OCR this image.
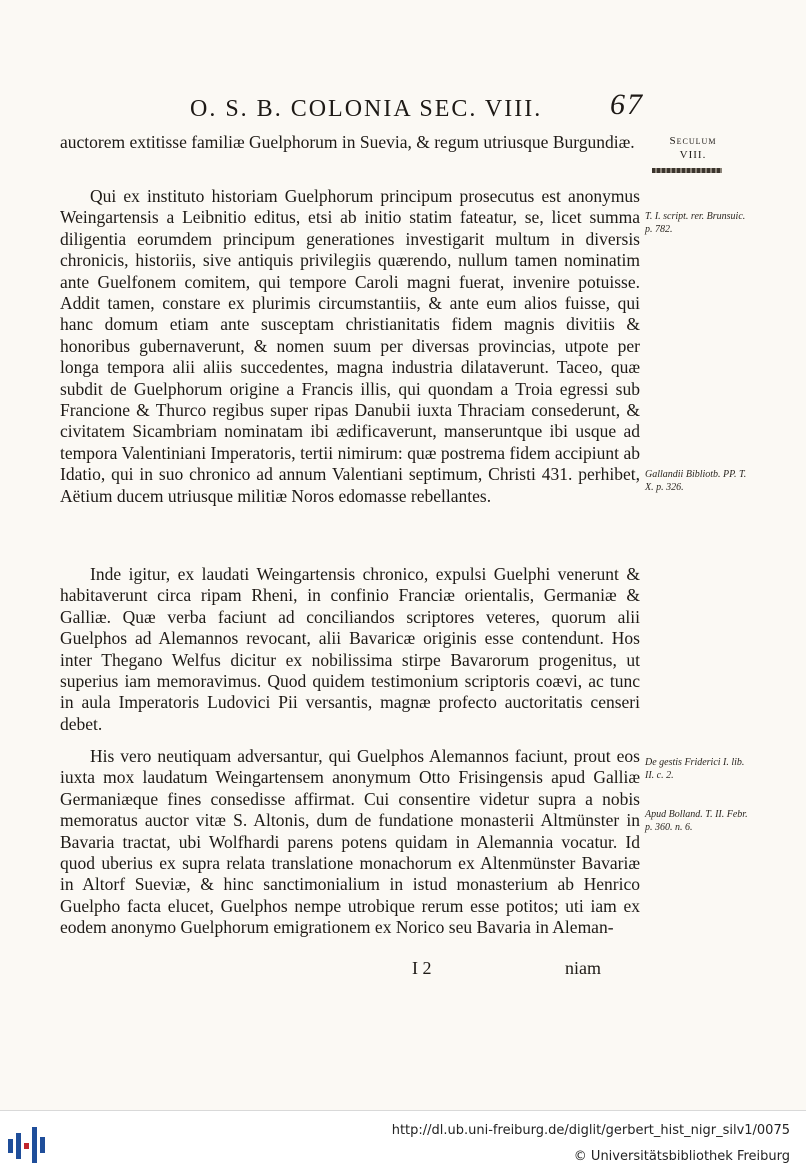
O. S. B. COLONIA SEC. VIII. 67
Seculum
VIII.

auctorem extitisse familiæ Guelphorum in Suevia, & regum utriusque Burgundiæ.

Qui ex instituto historiam Guelphorum principum prosecutus est anonymus Weingartensis a Leibnitio editus, etsi ab initio statim fateatur, se, licet summa diligentia eorumdem principum generationes investigarit multum in diversis chronicis, historiis, sive antiquis privilegiis quærendo, nullum tamen nominatim ante Guelfonem comitem, qui tempore Caroli magni fuerat, invenire potuisse. Addit tamen, constare ex plurimis circumstantiis, & ante eum alios fuisse, qui hanc domum etiam ante susceptam christianitatis fidem magnis divitiis & honoribus gubernaverunt, & nomen suum per diversas provincias, utpote per longa tempora alii aliis succedentes, magna industria dilataverunt. Taceo, quæ subdit de Guelphorum origine a Francis illis, qui quondam a Troia egressi sub Francione & Thurco regibus super ripas Danubii iuxta Thraciam consederunt, & civitatem Sicambriam nominatam ibi ædificaverunt, manseruntque ibi usque ad tempora Valentiniani Imperatoris, tertii nimirum: quæ postrema fidem accipiunt ab Idatio, qui in suo chronico ad annum Valentiani septimum, Christi 431. perhibet, Aëtium ducem utriusque militiæ Noros edomasse rebellantes.

Inde igitur, ex laudati Weingartensis chronico, expulsi Guelphi venerunt & habitaverunt circa ripam Rheni, in confinio Franciæ orientalis, Germaniæ & Galliæ. Quæ verba faciunt ad conciliandos scriptores veteres, quorum alii Guelphos ad Alemannos revocant, alii Bavaricæ originis esse contendunt. Hos inter Thegano Welfus dicitur ex nobilissima stirpe Bavarorum progenitus, ut superius iam memoravimus. Quod quidem testimonium scriptoris coævi, ac tunc in aula Imperatoris Ludovici Pii versantis, magnæ profecto auctoritatis censeri debet.

His vero neutiquam adversantur, qui Guelphos Alemannos faciunt, prout eos iuxta mox laudatum Weingartensem anonymum Otto Frisingensis apud Galliæ Germaniæque fines consedisse affirmat. Cui consentire videtur supra a nobis memoratus auctor vitæ S. Altonis, dum de fundatione monasterii Altmünster in Bavaria tractat, ubi Wolfhardi parens potens quidam in Alemannia vocatur. Id quod uberius ex supra relata translatione monachorum ex Altenmünster Bavariæ in Altorf Sueviæ, & hinc sanctimonialium in istud monasterium ab Henrico Guelpho facta elucet, Guelphos nempe utrobique rerum esse potitos; uti iam ex eodem anonymo Guelphorum emigrationem ex Norico seu Bavaria in Aleman-

T. I. script. rer. Brunsuic. p. 782.
Gallandii Bibliotb. PP. T. X. p. 326.
De gestis Friderici I. lib. II. c. 2.
Apud Bolland. T. II. Febr. p. 360. n. 6.
I 2	niam
http://dl.ub.uni-freiburg.de/diglit/gerbert_hist_nigr_silv1/0075
© Universitätsbibliothek Freiburg
